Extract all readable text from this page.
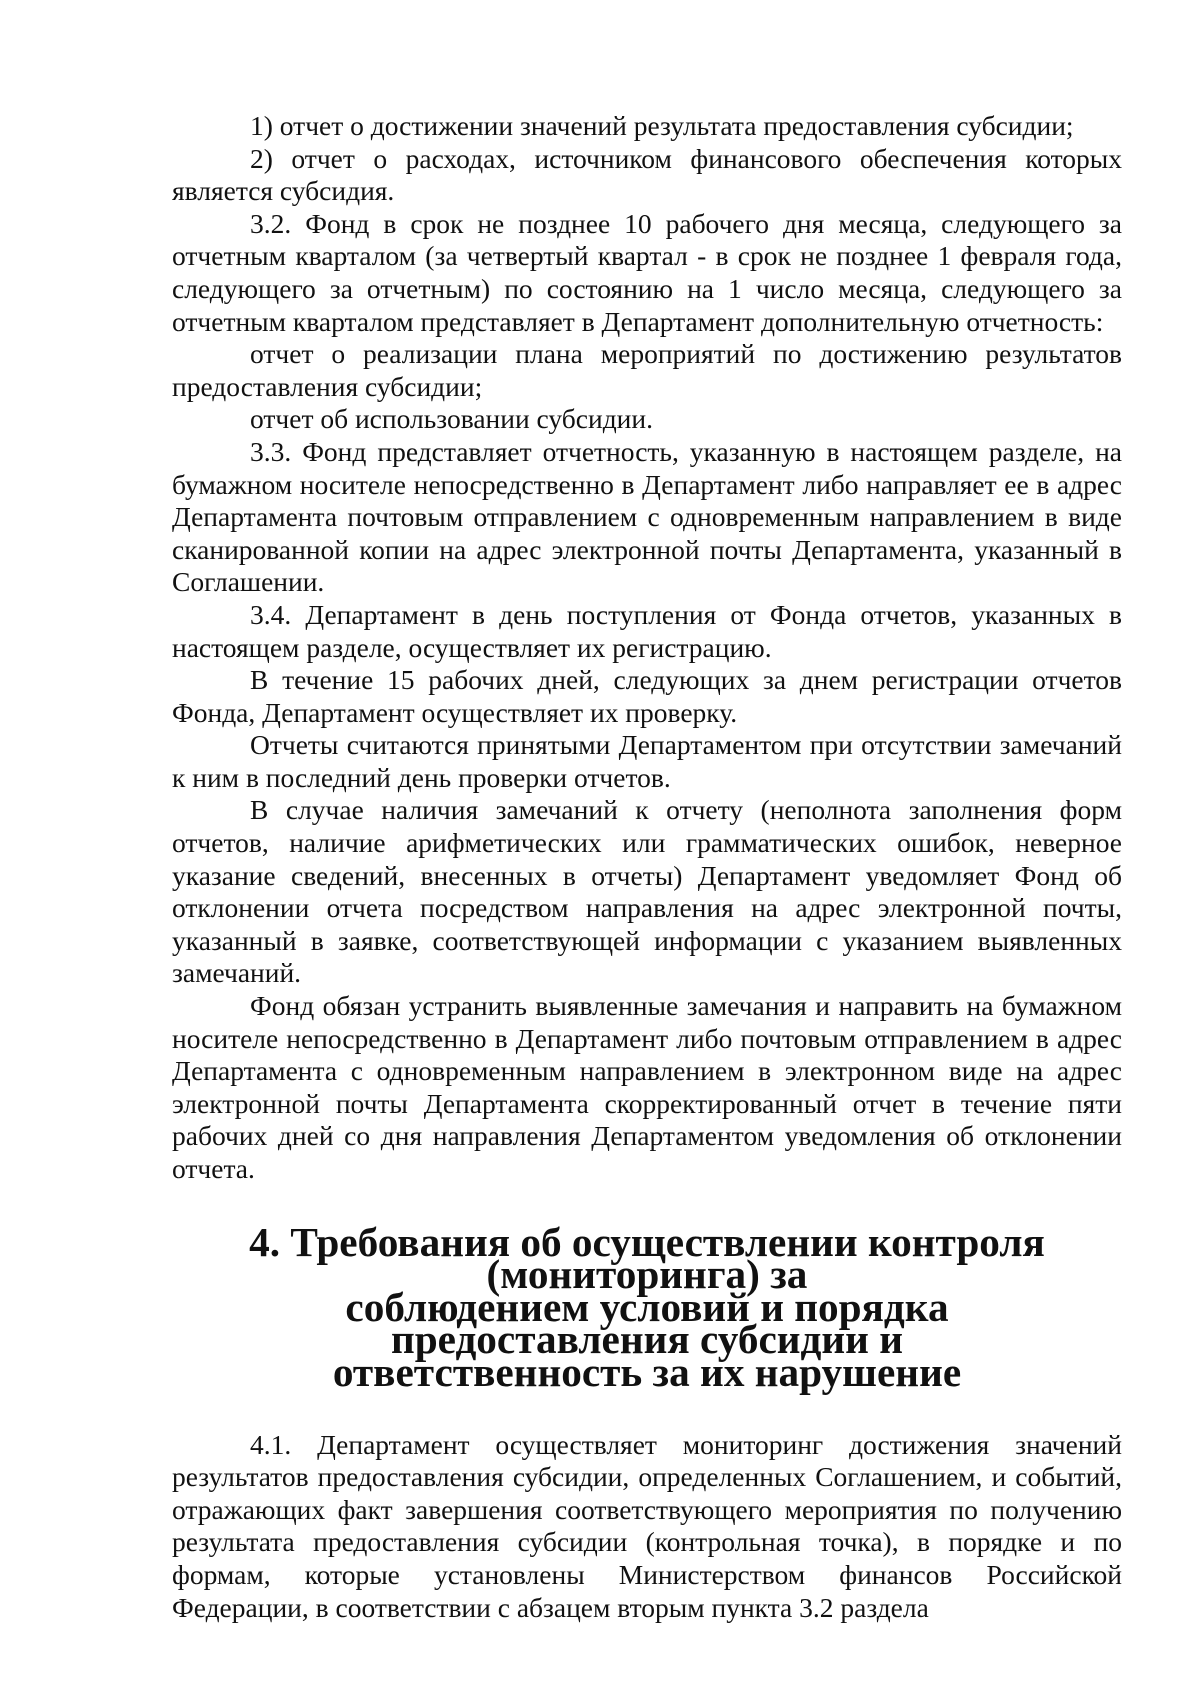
1) отчет о достижении значений результата предоставления субсидии;

2) отчет о расходах, источником финансового обеспечения которых является субсидия.

3.2. Фонд в срок не позднее 10 рабочего дня месяца, следующего за отчетным кварталом (за четвертый квартал - в срок не позднее 1 февраля года, следующего за отчетным) по состоянию на 1 число месяца, следующего за отчетным кварталом представляет в Департамент дополнительную отчетность:

отчет о реализации плана мероприятий по достижению результатов предоставления субсидии;

отчет об использовании субсидии.

3.3. Фонд представляет отчетность, указанную в настоящем разделе, на бумажном носителе непосредственно в Департамент либо направляет ее в адрес Департамента почтовым отправлением с одновременным направлением в виде сканированной копии на адрес электронной почты Департамента, указанный в Соглашении.

3.4. Департамент в день поступления от Фонда отчетов, указанных в настоящем разделе, осуществляет их регистрацию.

В течение 15 рабочих дней, следующих за днем регистрации отчетов Фонда, Департамент осуществляет их проверку.

Отчеты считаются принятыми Департаментом при отсутствии замечаний к ним в последний день проверки отчетов.

В случае наличия замечаний к отчету (неполнота заполнения форм отчетов, наличие арифметических или грамматических ошибок, неверное указание сведений, внесенных в отчеты) Департамент уведомляет Фонд об отклонении отчета посредством направления на адрес электронной почты, указанный в заявке, соответствующей информации с указанием выявленных замечаний.

Фонд обязан устранить выявленные замечания и направить на бумажном носителе непосредственно в Департамент либо почтовым отправлением в адрес Департамента с одновременным направлением в электронном виде на адрес электронной почты Департамента скорректированный отчет в течение пяти рабочих дней со дня направления Департаментом уведомления об отклонении отчета.

4. Требования об осуществлении контроля (мониторинга) за
соблюдением условий и порядка предоставления субсидии и
ответственность за их нарушение

4.1. Департамент осуществляет мониторинг достижения значений результатов предоставления субсидии, определенных Соглашением, и событий, отражающих факт завершения соответствующего мероприятия по получению результата предоставления субсидии (контрольная точка), в порядке и по формам, которые установлены Министерством финансов Российской Федерации, в соответствии с абзацем вторым пункта 3.2 раздела
